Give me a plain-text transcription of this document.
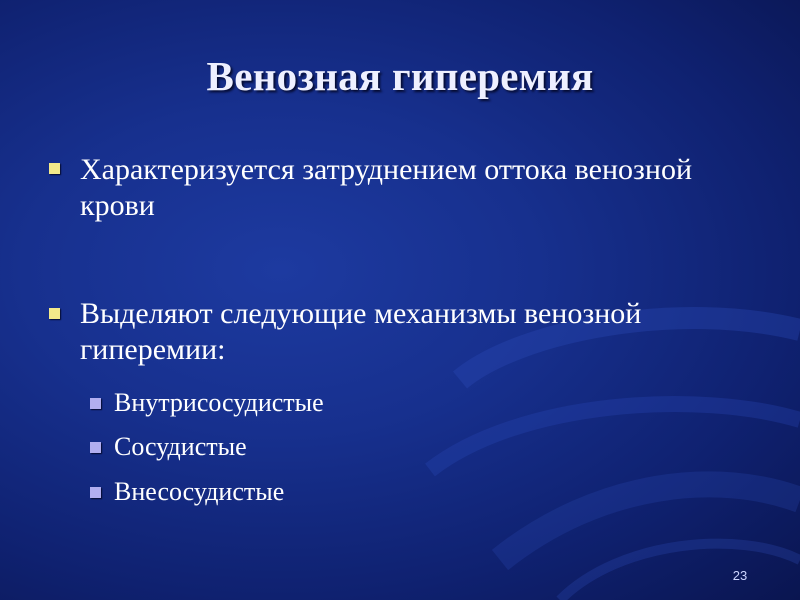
Венозная гиперемия
Характеризуется затруднением оттока венозной крови
Выделяют следующие механизмы венозной гиперемии:
Внутрисосудистые
Сосудистые
Внесосудистые
23
